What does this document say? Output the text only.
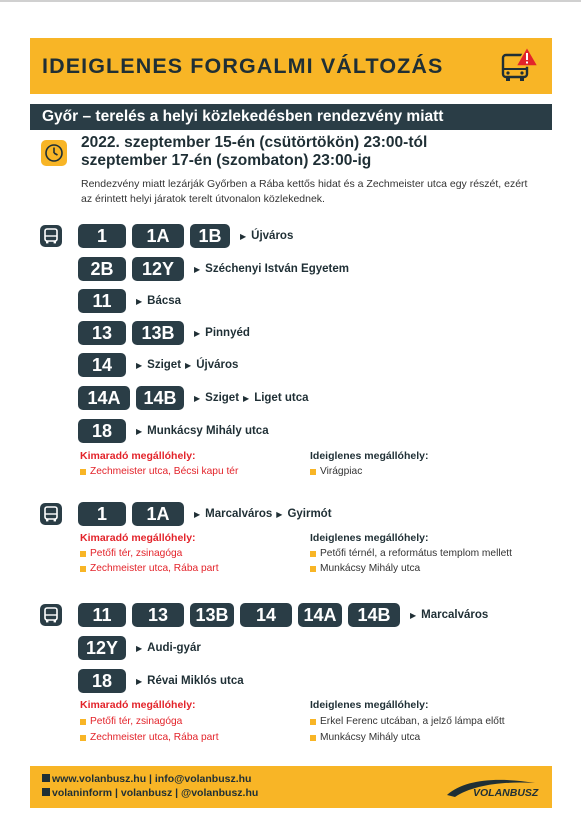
IDEIGLENES FORGALMI VÁLTOZÁS
Győr – terelés a helyi közlekedésben rendezvény miatt
2022. szeptember 15-én (csütörtökön) 23:00-tól
szeptember 17-én (szombaton) 23:00-ig
Rendezvény miatt lezárják Győrben a Rába kettős hidat és a Zechmeister utca egy részét, ezért az érintett helyi járatok terelt útvonalon közlekednek.
1	1A	1B	▶ Újváros
2B	12Y	▶ Széchenyi István Egyetem
11	▶ Bácsa
13	13B	▶ Pinnyéd
14	▶ Sziget ▶ Újváros
14A	14B	▶ Sziget ▶ Liget utca
18	▶ Munkácsy Mihály utca
Kimaradó megállóhely:
Zechmeister utca, Bécsi kapu tér
Ideiglenes megállóhely:
Virágpiac
1	1A	▶ Marcalváros ▶ Gyirmót
Kimaradó megállóhely:
Petőfi tér, zsinagóga
Zechmeister utca, Rába part
Ideiglenes megállóhely:
Petőfi térnél, a református templom mellett
Munkácsy Mihály utca
11	13	13B	14	14A	14B	▶ Marcalváros
12Y	▶ Audi-gyár
18	▶ Révai Miklós utca
Kimaradó megállóhely:
Petőfi tér, zsinagóga
Zechmeister utca, Rába part
Ideiglenes megállóhely:
Erkel Ferenc utcában, a jelző lámpa előtt
Munkácsy Mihály utca
www.volanbusz.hu | info@volanbusz.hu
volaninform | volanbusz | @volanbusz.hu	VOLANBUSZ
